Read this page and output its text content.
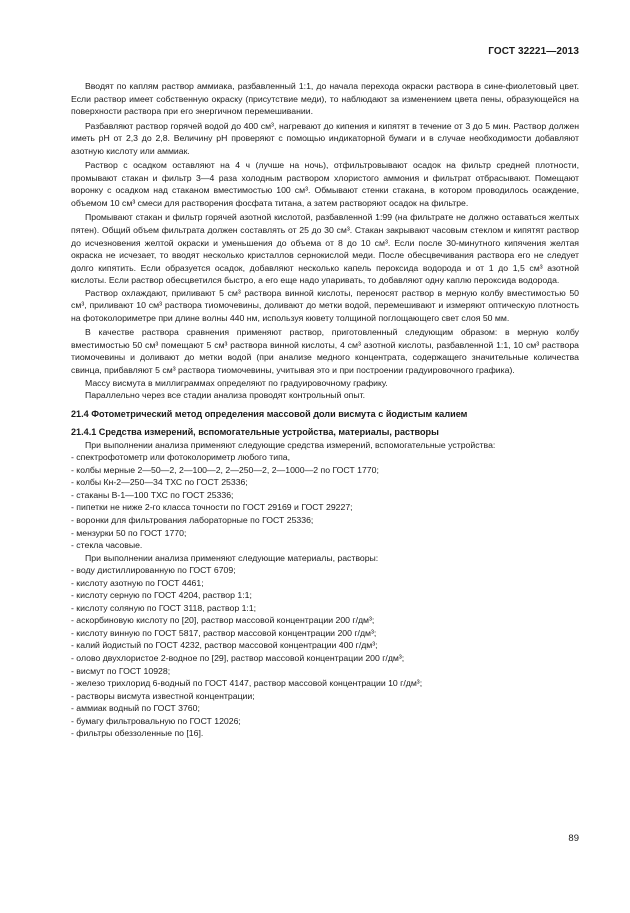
ГОСТ 32221—2013

Вводят по каплям раствор аммиака, разбавленный 1:1, до начала перехода окраски раствора в сине-фиолетовый цвет. Если раствор имеет собственную окраску (присутствие меди), то наблюдают за изменением цвета пены, образующейся на поверхности раствора при его энергичном перемешивании.

Разбавляют раствор горячей водой до 400 см³, нагревают до кипения и кипятят в течение от 3 до 5 мин. Раствор должен иметь рН от 2,3 до 2,8. Величину рН проверяют с помощью индикаторной бумаги и в случае необходимости добавляют азотную кислоту или аммиак.

Раствор с осадком оставляют на 4 ч (лучше на ночь), отфильтровывают осадок на фильтр средней плотности, промывают стакан и фильтр 3—4 раза холодным раствором хлористого аммония и фильтрат отбрасывают. Помещают воронку с осадком над стаканом вместимостью 100 см³. Обмывают стенки стакана, в котором проводилось осаждение, объемом 10 см³ смеси для растворения фосфата титана, а затем растворяют осадок на фильтре.

Промывают стакан и фильтр горячей азотной кислотой, разбавленной 1:99 (на фильтрате не должно оставаться желтых пятен). Общий объем фильтрата должен составлять от 25 до 30 см³. Стакан закрывают часовым стеклом и кипятят раствор до исчезновения желтой окраски и уменьшения до объема от 8 до 10 см³. Если после 30-минутного кипячения желтая окраска не исчезает, то вводят несколько кристаллов сернокислой меди. После обесцвечивания раствора его не следует долго кипятить. Если образуется осадок, добавляют несколько капель пероксида водорода и от 1 до 1,5 см³ азотной кислоты. Если раствор обесцветился быстро, а его еще надо упаривать, то добавляют одну каплю пероксида водорода.

Раствор охлаждают, приливают 5 см³ раствора винной кислоты, переносят раствор в мерную колбу вместимостью 50 см³, приливают 10 см³ раствора тиомочевины, доливают до метки водой, перемешивают и измеряют оптическую плотность на фотоколориметре при длине волны 440 нм, используя кювету толщиной поглощающего свет слоя 50 мм.

В качестве раствора сравнения применяют раствор, приготовленный следующим образом: в мерную колбу вместимостью 50 см³ помещают 5 см³ раствора винной кислоты, 4 см³ азотной кислоты, разбавленной 1:1, 10 см³ раствора тиомочевины и доливают до метки водой (при анализе медного концентрата, содержащего значительные количества свинца, прибавляют 5 см³ раствора тиомочевины, учитывая это и при построении градуировочного графика).

Массу висмута в миллиграммах определяют по градуировочному графику.

Параллельно через все стадии анализа проводят контрольный опыт.

21.4 Фотометрический метод определения массовой доли висмута с йодистым калием
21.4.1 Средства измерений, вспомогательные устройства, материалы, растворы

При выполнении анализа применяют следующие средства измерений, вспомогательные устройства:

- спектрофотометр или фотоколориметр любого типа,
- колбы мерные 2—50—2, 2—100—2, 2—250—2, 2—1000—2 по ГОСТ 1770;
- колбы Кн-2—250—34 ТХС по ГОСТ 25336;
- стаканы В-1—100 ТХС по ГОСТ 25336;
- пипетки не ниже 2-го класса точности по ГОСТ 29169 и ГОСТ 29227;
- воронки для фильтрования лабораторные по ГОСТ 25336;
- мензурки 50 по ГОСТ 1770;
- стекла часовые.

При выполнении анализа применяют следующие материалы, растворы:

- воду дистиллированную по ГОСТ 6709;
- кислоту азотную по ГОСТ 4461;
- кислоту серную по ГОСТ 4204, раствор 1:1;
- кислоту соляную по ГОСТ 3118, раствор 1:1;
- аскорбиновую кислоту по [20], раствор массовой концентрации 200 г/дм³;
- кислоту винную по ГОСТ 5817, раствор массовой концентрации 200 г/дм³;
- калий йодистый по ГОСТ 4232, раствор массовой концентрации 400 г/дм³;
- олово двухлористое 2-водное по [29], раствор массовой концентрации 200 г/дм³;
- висмут по ГОСТ 10928;
- железо трихлорид 6-водный по ГОСТ 4147, раствор массовой концентрации 10 г/дм³;
- растворы висмута известной концентрации;
- аммиак водный по ГОСТ 3760;
- бумагу фильтровальную по ГОСТ 12026;
- фильтры обеззоленные по [16].
89
